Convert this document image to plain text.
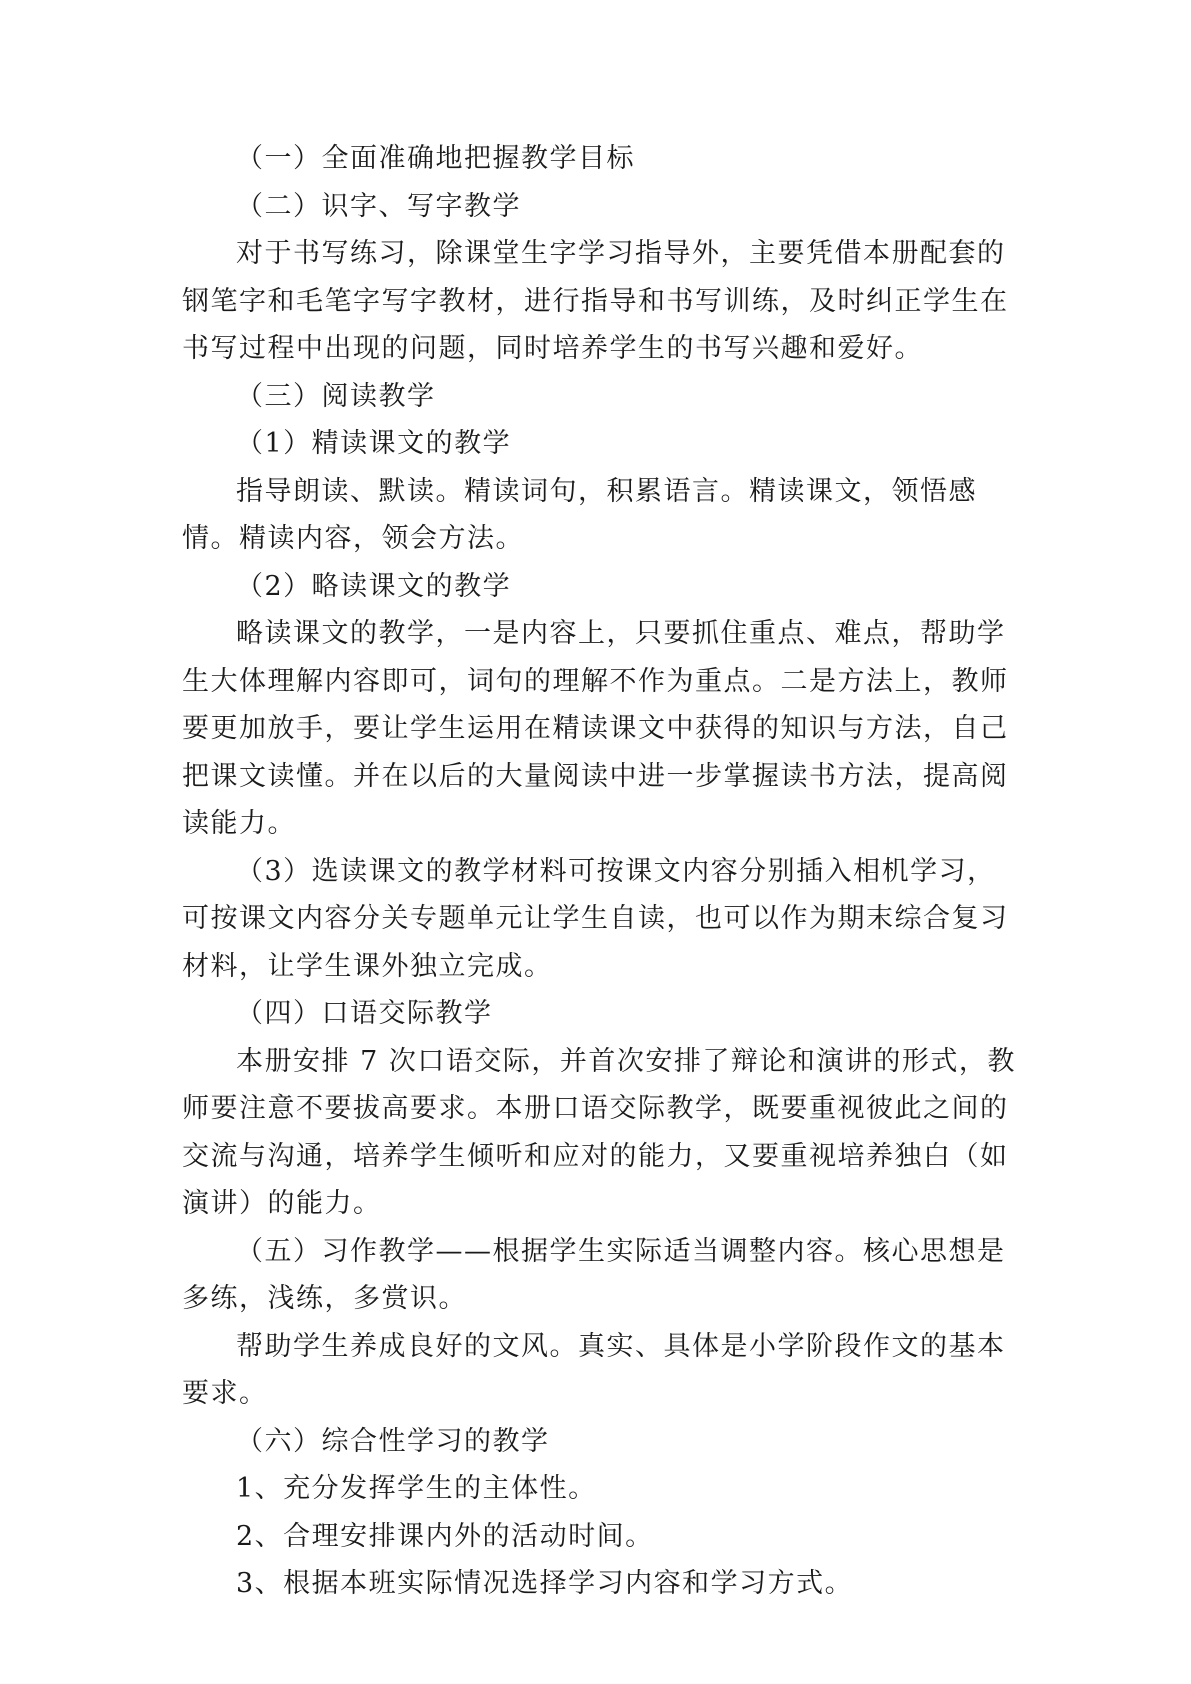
（一）全面准确地把握教学目标

（二）识字、写字教学

对于书写练习，除课堂生字学习指导外，主要凭借本册配套的钢笔字和毛笔字写字教材，进行指导和书写训练，及时纠正学生在书写过程中出现的问题，同时培养学生的书写兴趣和爱好。

（三）阅读教学

（1）精读课文的教学

指导朗读、默读。精读词句，积累语言。精读课文，领悟感情。精读内容，领会方法。

（2）略读课文的教学

略读课文的教学，一是内容上，只要抓住重点、难点，帮助学生大体理解内容即可，词句的理解不作为重点。二是方法上，教师要更加放手，要让学生运用在精读课文中获得的知识与方法，自己把课文读懂。并在以后的大量阅读中进一步掌握读书方法，提高阅读能力。

（3）选读课文的教学材料可按课文内容分别插入相机学习，可按课文内容分关专题单元让学生自读，也可以作为期末综合复习材料，让学生课外独立完成。

（四）口语交际教学

本册安排 7 次口语交际，并首次安排了辩论和演讲的形式，教师要注意不要拔高要求。本册口语交际教学，既要重视彼此之间的交流与沟通，培养学生倾听和应对的能力，又要重视培养独白（如演讲）的能力。

（五）习作教学——根据学生实际适当调整内容。核心思想是多练，浅练，多赏识。

帮助学生养成良好的文风。真实、具体是小学阶段作文的基本要求。

（六）综合性学习的教学

1、充分发挥学生的主体性。

2、合理安排课内外的活动时间。

3、根据本班实际情况选择学习内容和学习方式。
